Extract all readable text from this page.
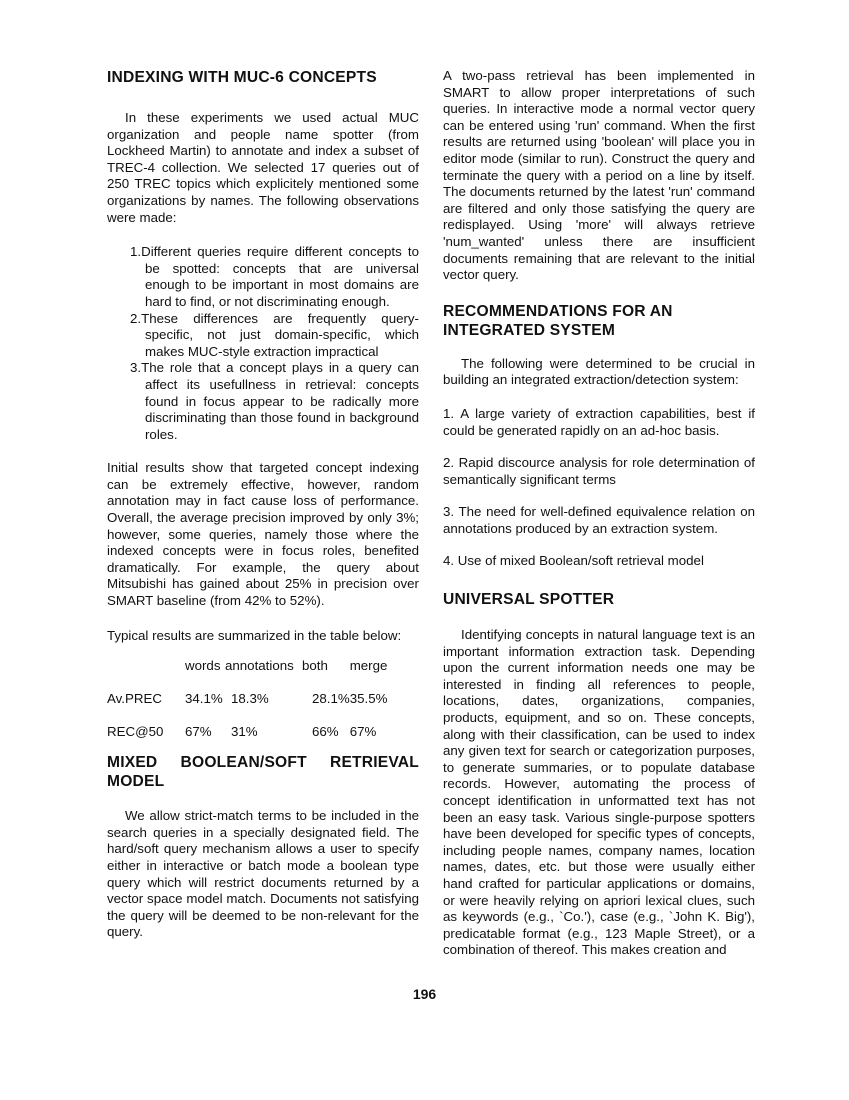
INDEXING WITH MUC-6 CONCEPTS

In these experiments we used actual MUC organization and people name spotter (from Lockheed Martin) to annotate and index a subset of TREC-4 collection. We selected 17 queries out of 250 TREC topics which explicitely mentioned some organizations by names. The following observations were made:

1.Different queries require different concepts to be spotted: concepts that are universal enough to be important in most domains are hard to find, or not discriminating enough.
2.These differences are frequently query-specific, not just domain-specific, which makes MUC-style extraction impractical
3.The role that a concept plays in a query can affect its usefullness in retrieval: concepts found in focus appear to be radically more discriminating than those found in background roles.

Initial results show that targeted concept indexing can be extremely effective, however, random annotation may in fact cause loss of performance. Overall, the average precision improved by only 3%; however, some queries, namely those where the indexed concepts were in focus roles, benefited dramatically. For example, the query about Mitsubishi has gained about 25% in precision over SMART baseline (from 42% to 52%).

Typical results are summarized in the table below:

	words	annotations	both	merge

Av.PREC	34.1%	18.3%	28.1%	35.5%

REC@50	67%	31%	66%	67%
MIXED BOOLEAN/SOFT RETRIEVAL MODEL

We allow strict-match terms to be included in the search queries in a specially designated field. The hard/soft query mechanism allows a user to specify either in interactive or batch mode a boolean type query which will restrict documents returned by a vector space model match. Documents not satisfying the query will be deemed to be non-relevant for the query.

A two-pass retrieval has been implemented in SMART to allow proper interpretations of such queries. In interactive mode a normal vector query can be entered using 'run' command. When the first results are returned using 'boolean' will place you in editor mode (similar to run). Construct the query and terminate the query with a period on a line by itself. The documents returned by the latest 'run' command are filtered and only those satisfying the query are redisplayed. Using 'more' will always retrieve 'num_wanted' unless there are insufficient documents remaining that are relevant to the initial vector query.

RECOMMENDATIONS FOR AN INTEGRATED SYSTEM

The following were determined to be crucial in building an integrated extraction/detection system:

1. A large variety of extraction capabilities, best if could be generated rapidly on an ad-hoc basis.

2. Rapid discource analysis for role determination of semantically significant terms

3. The need for well-defined equivalence relation on annotations produced by an extraction system.

4. Use of mixed Boolean/soft retrieval model

UNIVERSAL SPOTTER

Identifying concepts in natural language text is an important information extraction task. Depending upon the current information needs one may be interested in finding all references to people, locations, dates, organizations, companies, products, equipment, and so on. These concepts, along with their classification, can be used to index any given text for search or categorization purposes, to generate summaries, or to populate database records. However, automating the process of concept identification in unformatted text has not been an easy task. Various single-purpose spotters have been developed for specific types of concepts, including people names, company names, location names, dates, etc. but those were usually either hand crafted for particular applications or domains, or were heavily relying on apriori lexical clues, such as keywords (e.g., `Co.'), case (e.g., `John K. Big'), predicatable format (e.g., 123 Maple Street), or a combination of thereof. This makes creation and

196
